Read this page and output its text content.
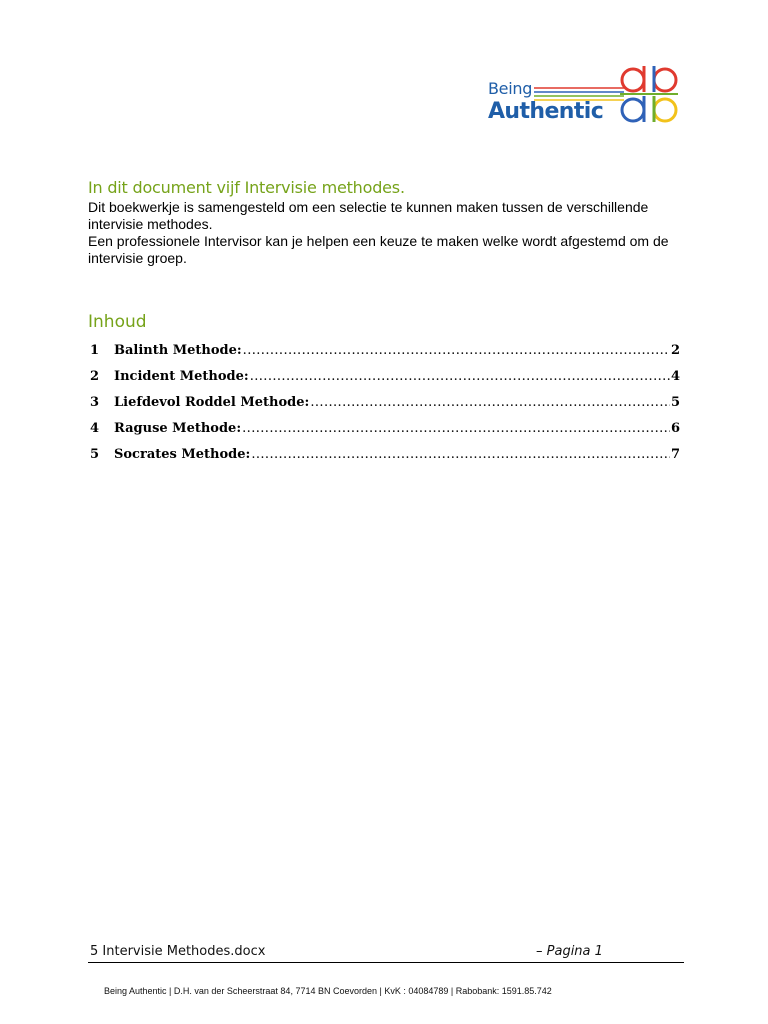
Being
Authentic
In dit document vijf Intervisie methodes.

Dit boekwerkje is samengesteld om een selectie te kunnen maken tussen de verschillende intervisie methodes.

Een professionele Intervisor kan je helpen een keuze te maken welke wordt afgestemd om de intervisie groep.

Inhoud
1	Balinth Methode: .....	2
2	Incident Methode: .....	4
3	Liefdevol Roddel Methode: .....	5
4	Raguse Methode: .....	6
5	Socrates Methode: .....	7
5 Intervisie Methodes.docx	– Pagina 1
Being Authentic | D.H. van der Scheerstraat 84, 7714 BN Coevorden | KvK : 04084789 | Rabobank: 1591.85.742
